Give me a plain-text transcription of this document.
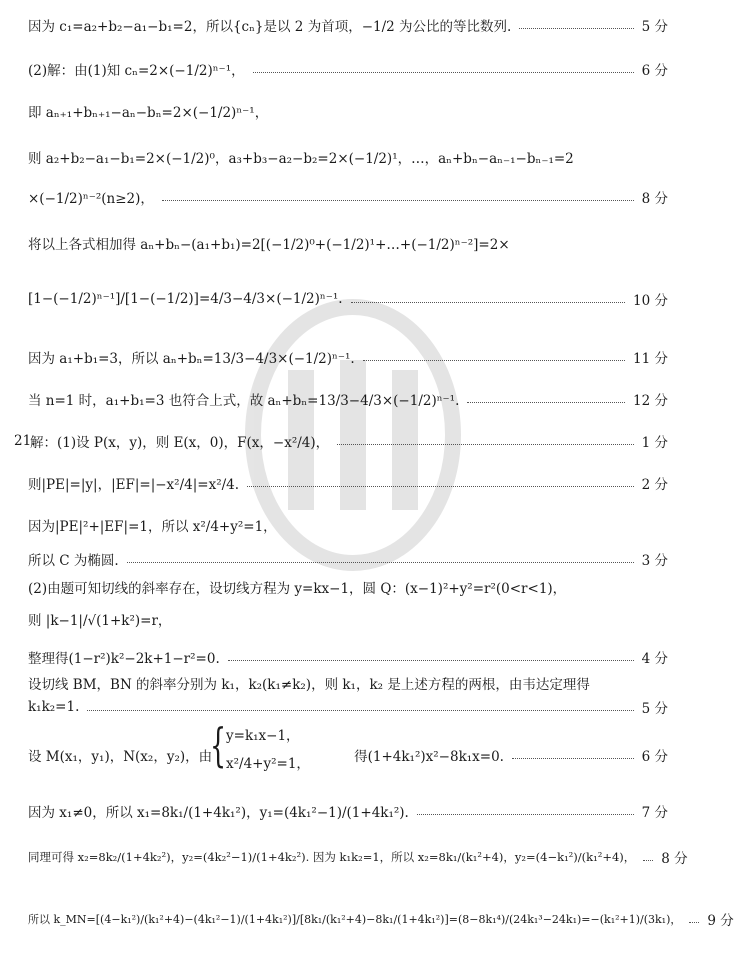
因为 c₁=a₂+b₂−a₁−b₁=2，所以{cₙ}是以 2 为首项，−1/2 为公比的等比数列.	5 分
(2)解：由(1)知 cₙ=2×(−1/2)ⁿ⁻¹，	6 分
即 aₙ₊₁+bₙ₊₁−aₙ−bₙ=2×(−1/2)ⁿ⁻¹，
则 a₂+b₂−a₁−b₁=2×(−1/2)⁰，a₃+b₃−a₂−b₂=2×(−1/2)¹，…，aₙ+bₙ−aₙ₋₁−bₙ₋₁=2
×(−1/2)ⁿ⁻²(n≥2)，	8 分
将以上各式相加得 aₙ+bₙ−(a₁+b₁)=2[(−1/2)⁰+(−1/2)¹+…+(−1/2)ⁿ⁻²]=2×
[1−(−1/2)ⁿ⁻¹]/[1−(−1/2)]=4/3−4/3×(−1/2)ⁿ⁻¹.	10 分
因为 a₁+b₁=3，所以 aₙ+bₙ=13/3−4/3×(−1/2)ⁿ⁻¹.	11 分
当 n=1 时，a₁+b₁=3 也符合上式，故 aₙ+bₙ=13/3−4/3×(−1/2)ⁿ⁻¹.	12 分
21.
解：(1)设 P(x，y)，则 E(x，0)，F(x，−x²/4)，	1 分
则|PE|=|y|，|EF|=|−x²/4|=x²/4.	2 分
因为|PE|²+|EF|=1，所以 x²/4+y²=1，
所以 C 为椭圆.	3 分
(2)由题可知切线的斜率存在，设切线方程为 y=kx−1，圆 Q：(x−1)²+y²=r²(0<r<1)，
则 |k−1|/√(1+k²)=r，
整理得(1−r²)k²−2k+1−r²=0.	4 分
设切线 BM，BN 的斜率分别为 k₁，k₂(k₁≠k₂)，则 k₁，k₂ 是上述方程的两根，由韦达定理得
k₁k₂=1.	5 分
设 M(x₁，y₁)，N(x₂，y₂)，由	得(1+4k₁²)x²−8k₁x=0.	6 分
{ y=k₁x−1，
x²/4+y²=1，
因为 x₁≠0，所以 x₁=8k₁/(1+4k₁²)，y₁=(4k₁²−1)/(1+4k₁²).	7 分
同理可得 x₂=8k₂/(1+4k₂²)，y₂=(4k₂²−1)/(1+4k₂²). 因为 k₁k₂=1，所以 x₂=8k₁/(k₁²+4)，y₂=(4−k₁²)/(k₁²+4)， 8 分
所以 k_MN=[(4−k₁²)/(k₁²+4)−(4k₁²−1)/(1+4k₁²)]/[8k₁/(k₁²+4)−8k₁/(1+4k₁²)]=(8−8k₁⁴)/(24k₁³−24k₁)=−(k₁²+1)/(3k₁)， 9 分
